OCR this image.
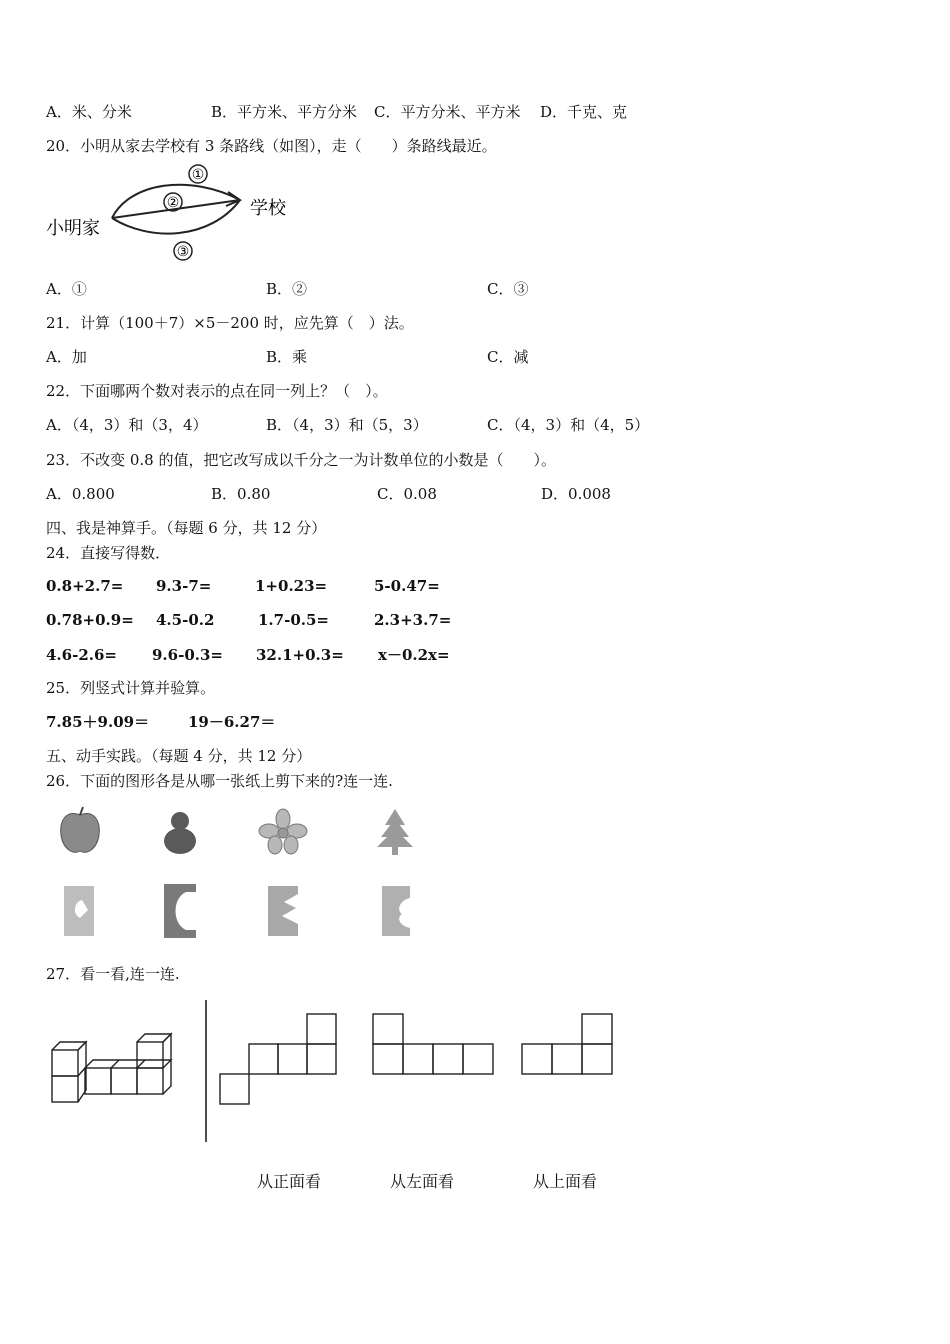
A．米、分米	B．平方米、平方分米 C．平方分米、平方米 D．千克、克
20．小明从家去学校有 3 条路线（如图），走（　　）条路线最近。
①
②
③
小明家
学校
A．①	B．②	C．③
21．计算（100＋7）×5－200 时，应先算（　）法。
A．加	B．乘	C．减
22．下面哪两个数对表示的点在同一列上？（　）。
A．（4，3）和（3，4）	B．（4，3）和（5，3）	C．（4，3）和（4，5）
23．不改变 0.8 的值，把它改写成以千分之一为计数单位的小数是（　　）。
A．0.800	B．0.80	C．0.08	D．0.008
四、我是神算手。（每题 6 分，共 12 分）
24．直接写得数．
0.8+2.7= 9.3-7=	1+0.23=	5-0.47=
0.78+0.9= 4.5-0.2	1.7-0.5=	2.3+3.7=
4.6-2.6= 9.6-0.3= 32.1+0.3= x－0.2x=
25．列竖式计算并验算。
7.85＋9.09＝	19－6.27＝
五、动手实践。（每题 4 分，共 12 分）
26．下面的图形各是从哪一张纸上剪下来的?连一连.
27．看一看,连一连.
从正面看	从左面看	从上面看
